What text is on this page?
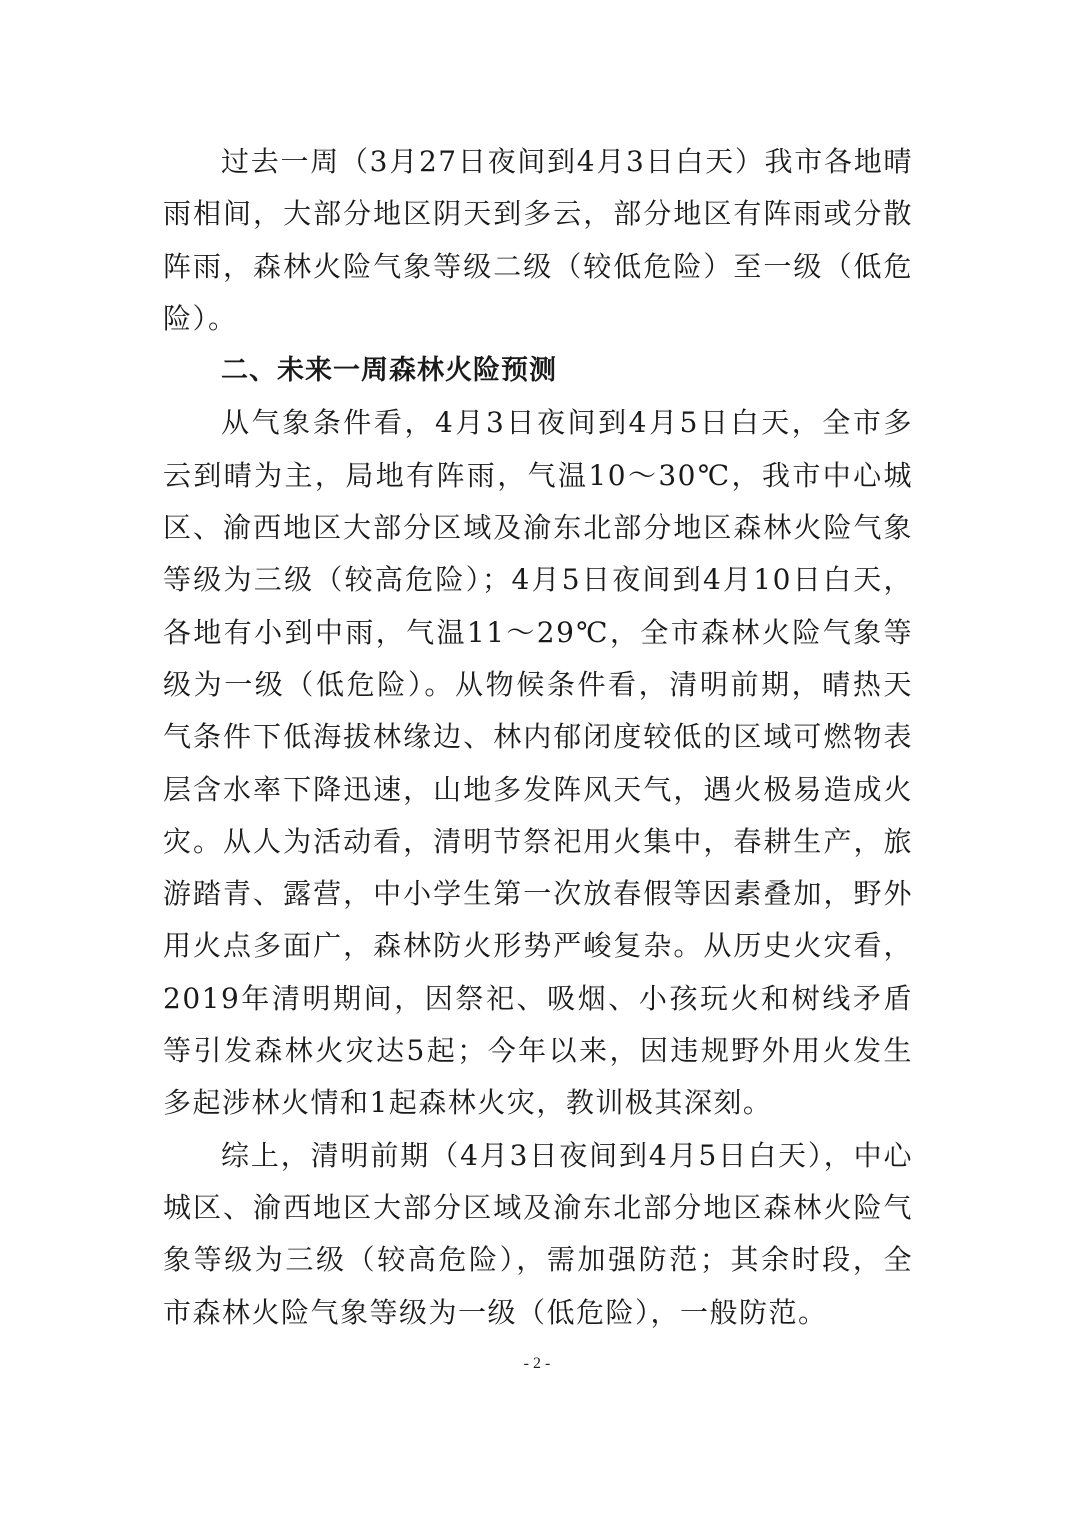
过去一周（3月27日夜间到4月3日白天）我市各地晴雨相间，大部分地区阴天到多云，部分地区有阵雨或分散阵雨，森林火险气象等级二级（较低危险）至一级（低危险）。

二、未来一周森林火险预测

从气象条件看，4月3日夜间到4月5日白天，全市多云到晴为主，局地有阵雨，气温10～30℃，我市中心城区、渝西地区大部分区域及渝东北部分地区森林火险气象等级为三级（较高危险）；4月5日夜间到4月10日白天，各地有小到中雨，气温11～29℃，全市森林火险气象等级为一级（低危险）。从物候条件看，清明前期，晴热天气条件下低海拔林缘边、林内郁闭度较低的区域可燃物表层含水率下降迅速，山地多发阵风天气，遇火极易造成火灾。从人为活动看，清明节祭祀用火集中，春耕生产，旅游踏青、露营，中小学生第一次放春假等因素叠加，野外用火点多面广，森林防火形势严峻复杂。从历史火灾看，2019年清明期间，因祭祀、吸烟、小孩玩火和树线矛盾等引发森林火灾达5起；今年以来，因违规野外用火发生多起涉林火情和1起森林火灾，教训极其深刻。

综上，清明前期（4月3日夜间到4月5日白天），中心城区、渝西地区大部分区域及渝东北部分地区森林火险气象等级为三级（较高危险），需加强防范；其余时段，全市森林火险气象等级为一级（低危险），一般防范。

- 2 -
